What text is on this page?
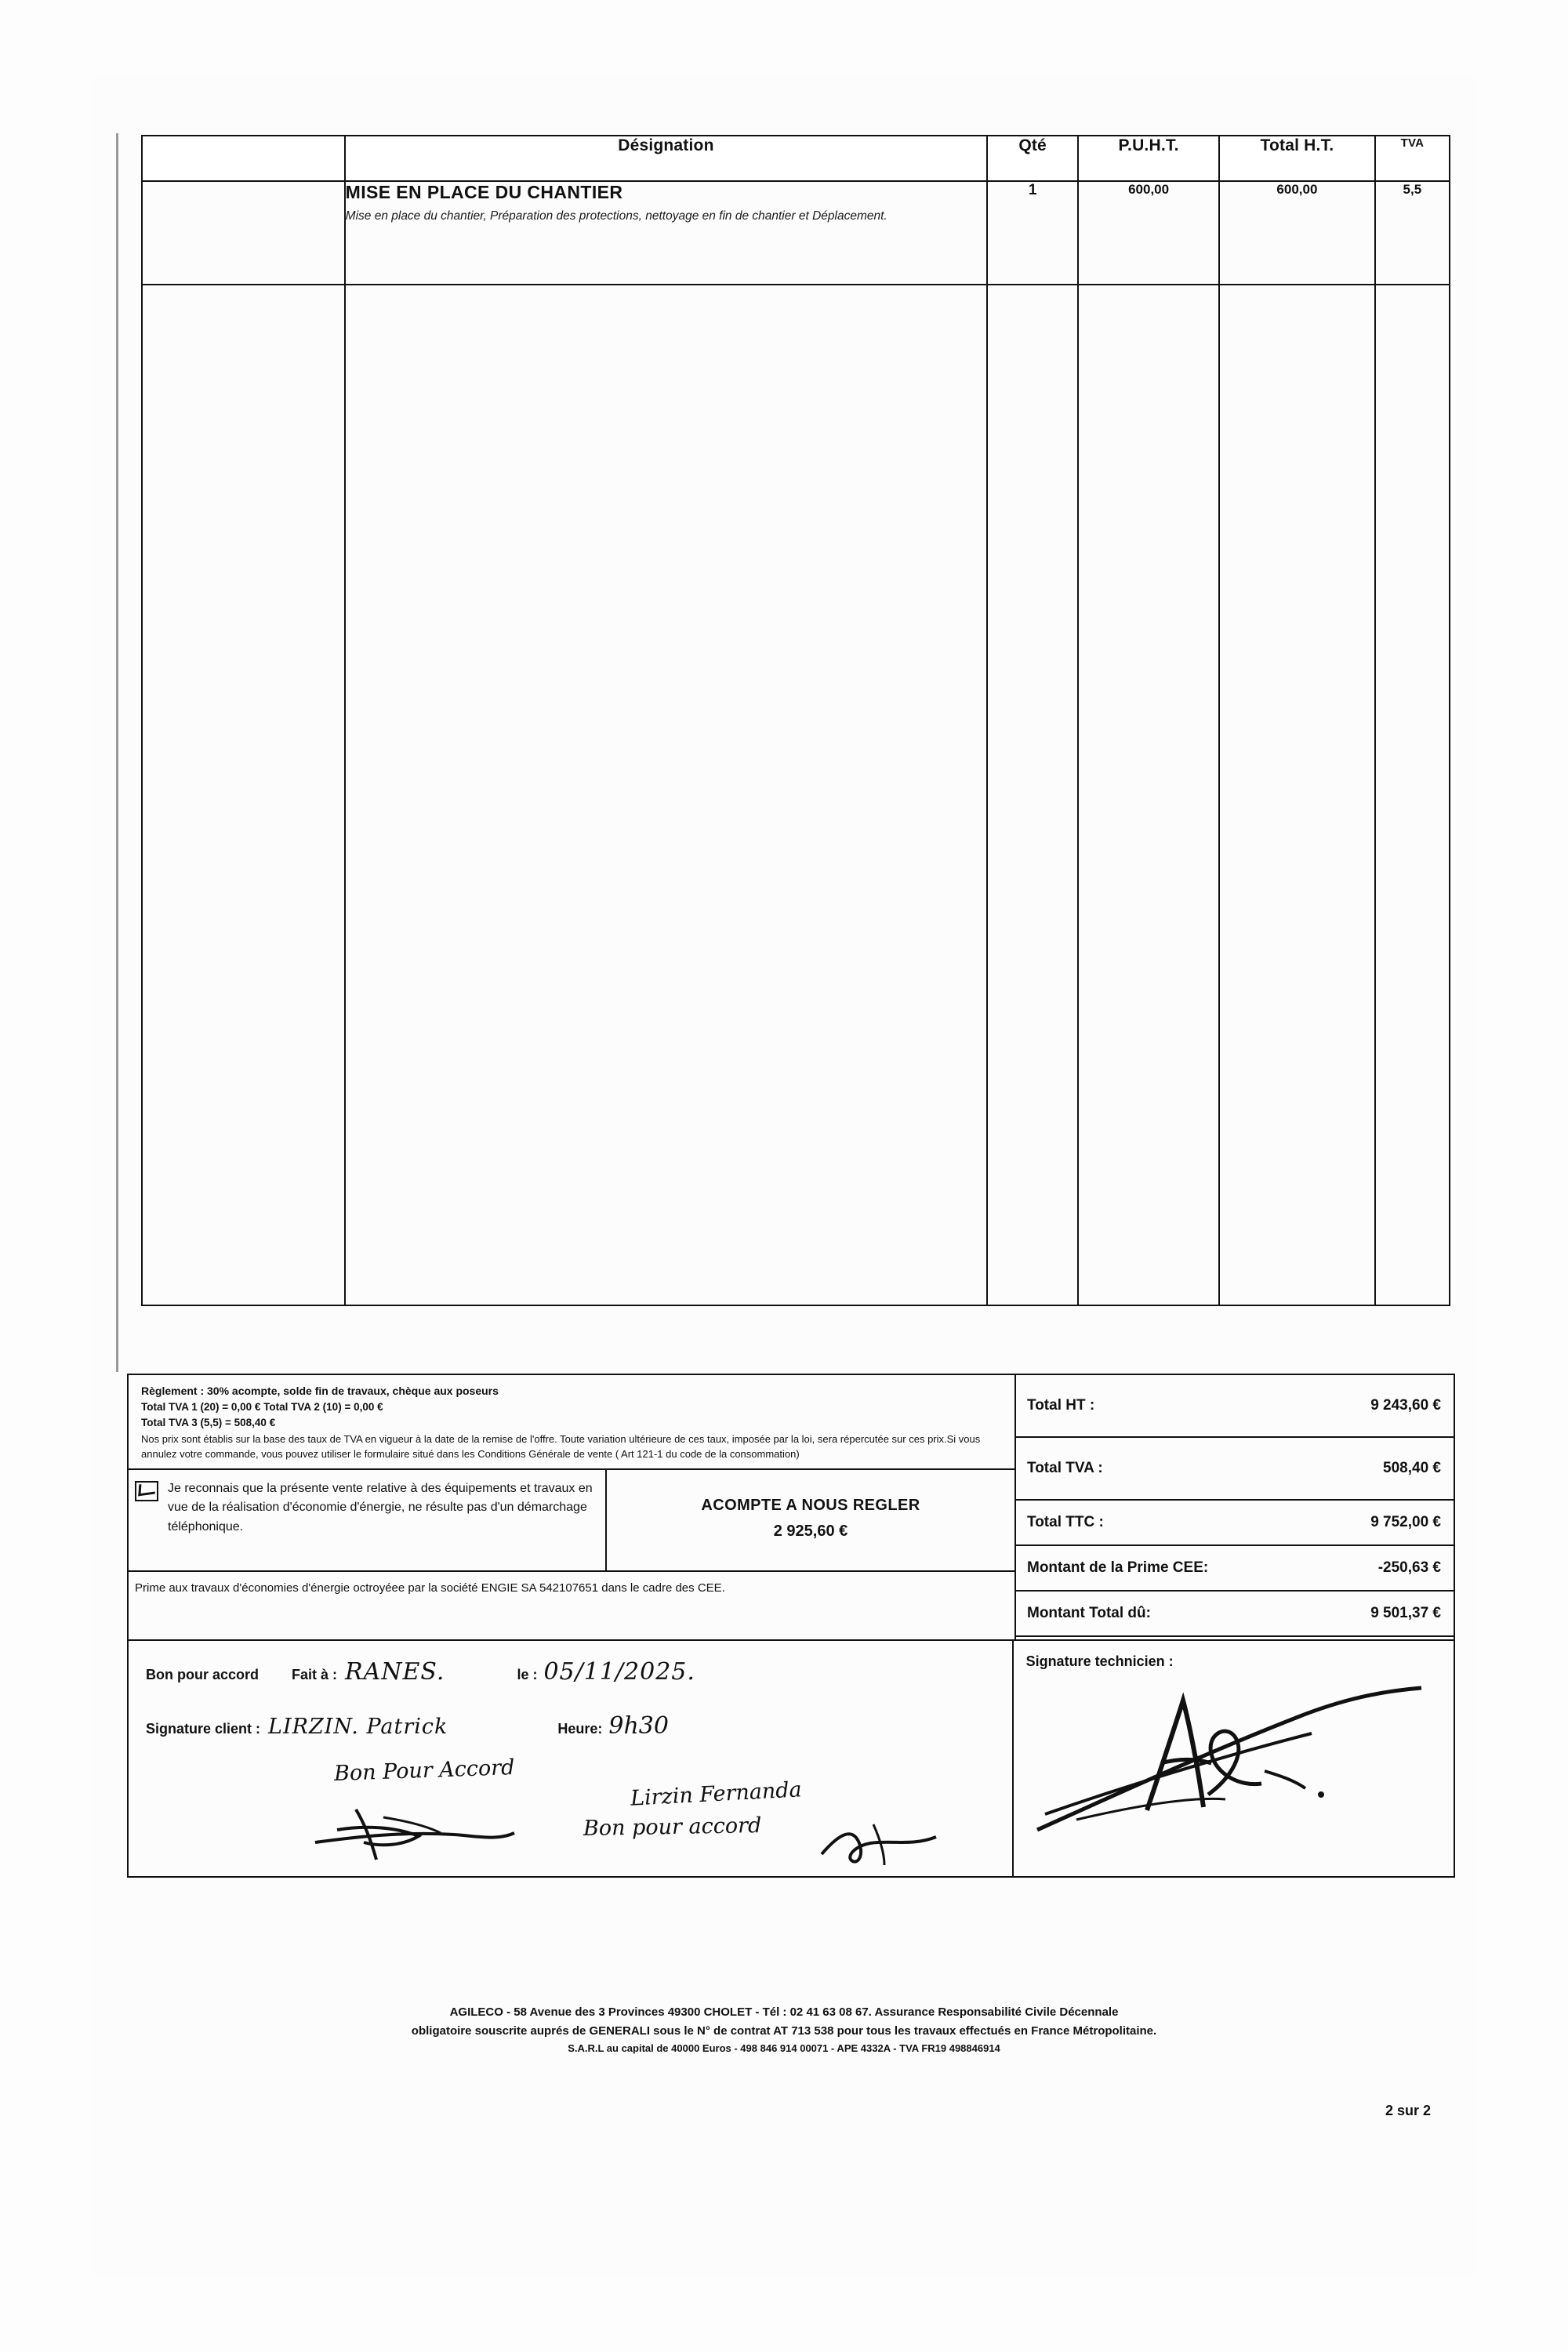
	Désignation	Qté	P.U.H.T.	Total H.T.	TVA

	MISE EN PLACE DU CHANTIER
Mise en place du chantier, Préparation des protections, nettoyage en fin de chantier et Déplacement.	1	600,00	600,00	5,5

Règlement : 30% acompte, solde fin de travaux, chèque aux poseurs
Total TVA 1 (20) = 0,00 € Total TVA 2 (10) = 0,00 €
Total TVA 3 (5,5) = 508,40 €
Nos prix sont établis sur la base des taux de TVA en vigueur à la date de la remise de l'offre. Toute variation ultérieure de ces taux, imposée par la loi, sera répercutée sur ces prix.Si vous annulez votre commande, vous pouvez utiliser le formulaire situé dans les Conditions Générale de vente ( Art 121-1 du code de la consommation)
Je reconnais que la présente vente relative à des équipements et travaux en vue de la réalisation d'économie d'énergie, ne résulte pas d'un démarchage téléphonique.
ACOMPTE A NOUS REGLER
2 925,60 €
Prime aux travaux d'économies d'énergie octroyéee par la société ENGIE SA 542107651 dans le cadre des CEE.
Total HT :	9 243,60 €
Total TVA :	508,40 €
Total TTC :	9 752,00 €
Montant de la Prime CEE:	-250,63 €
Montant Total dû:	9 501,37 €
Bon pour accord Fait à : RANES.	le : 05/11/2025.
Signature client : LIRZIN. Patrick	Heure: 9h30
Bon Pour Accord
Lirzin Fernanda
Bon pour accord
Signature technicien :
AGILECO - 58 Avenue des 3 Provinces 49300 CHOLET - Tél : 02 41 63 08 67. Assurance Responsabilité Civile Décennale
obligatoire souscrite auprés de GENERALI sous le N° de contrat AT 713 538 pour tous les travaux effectués en France Métropolitaine.
S.A.R.L au capital de 40000 Euros - 498 846 914 00071 - APE 4332A - TVA FR19 498846914
2 sur 2
